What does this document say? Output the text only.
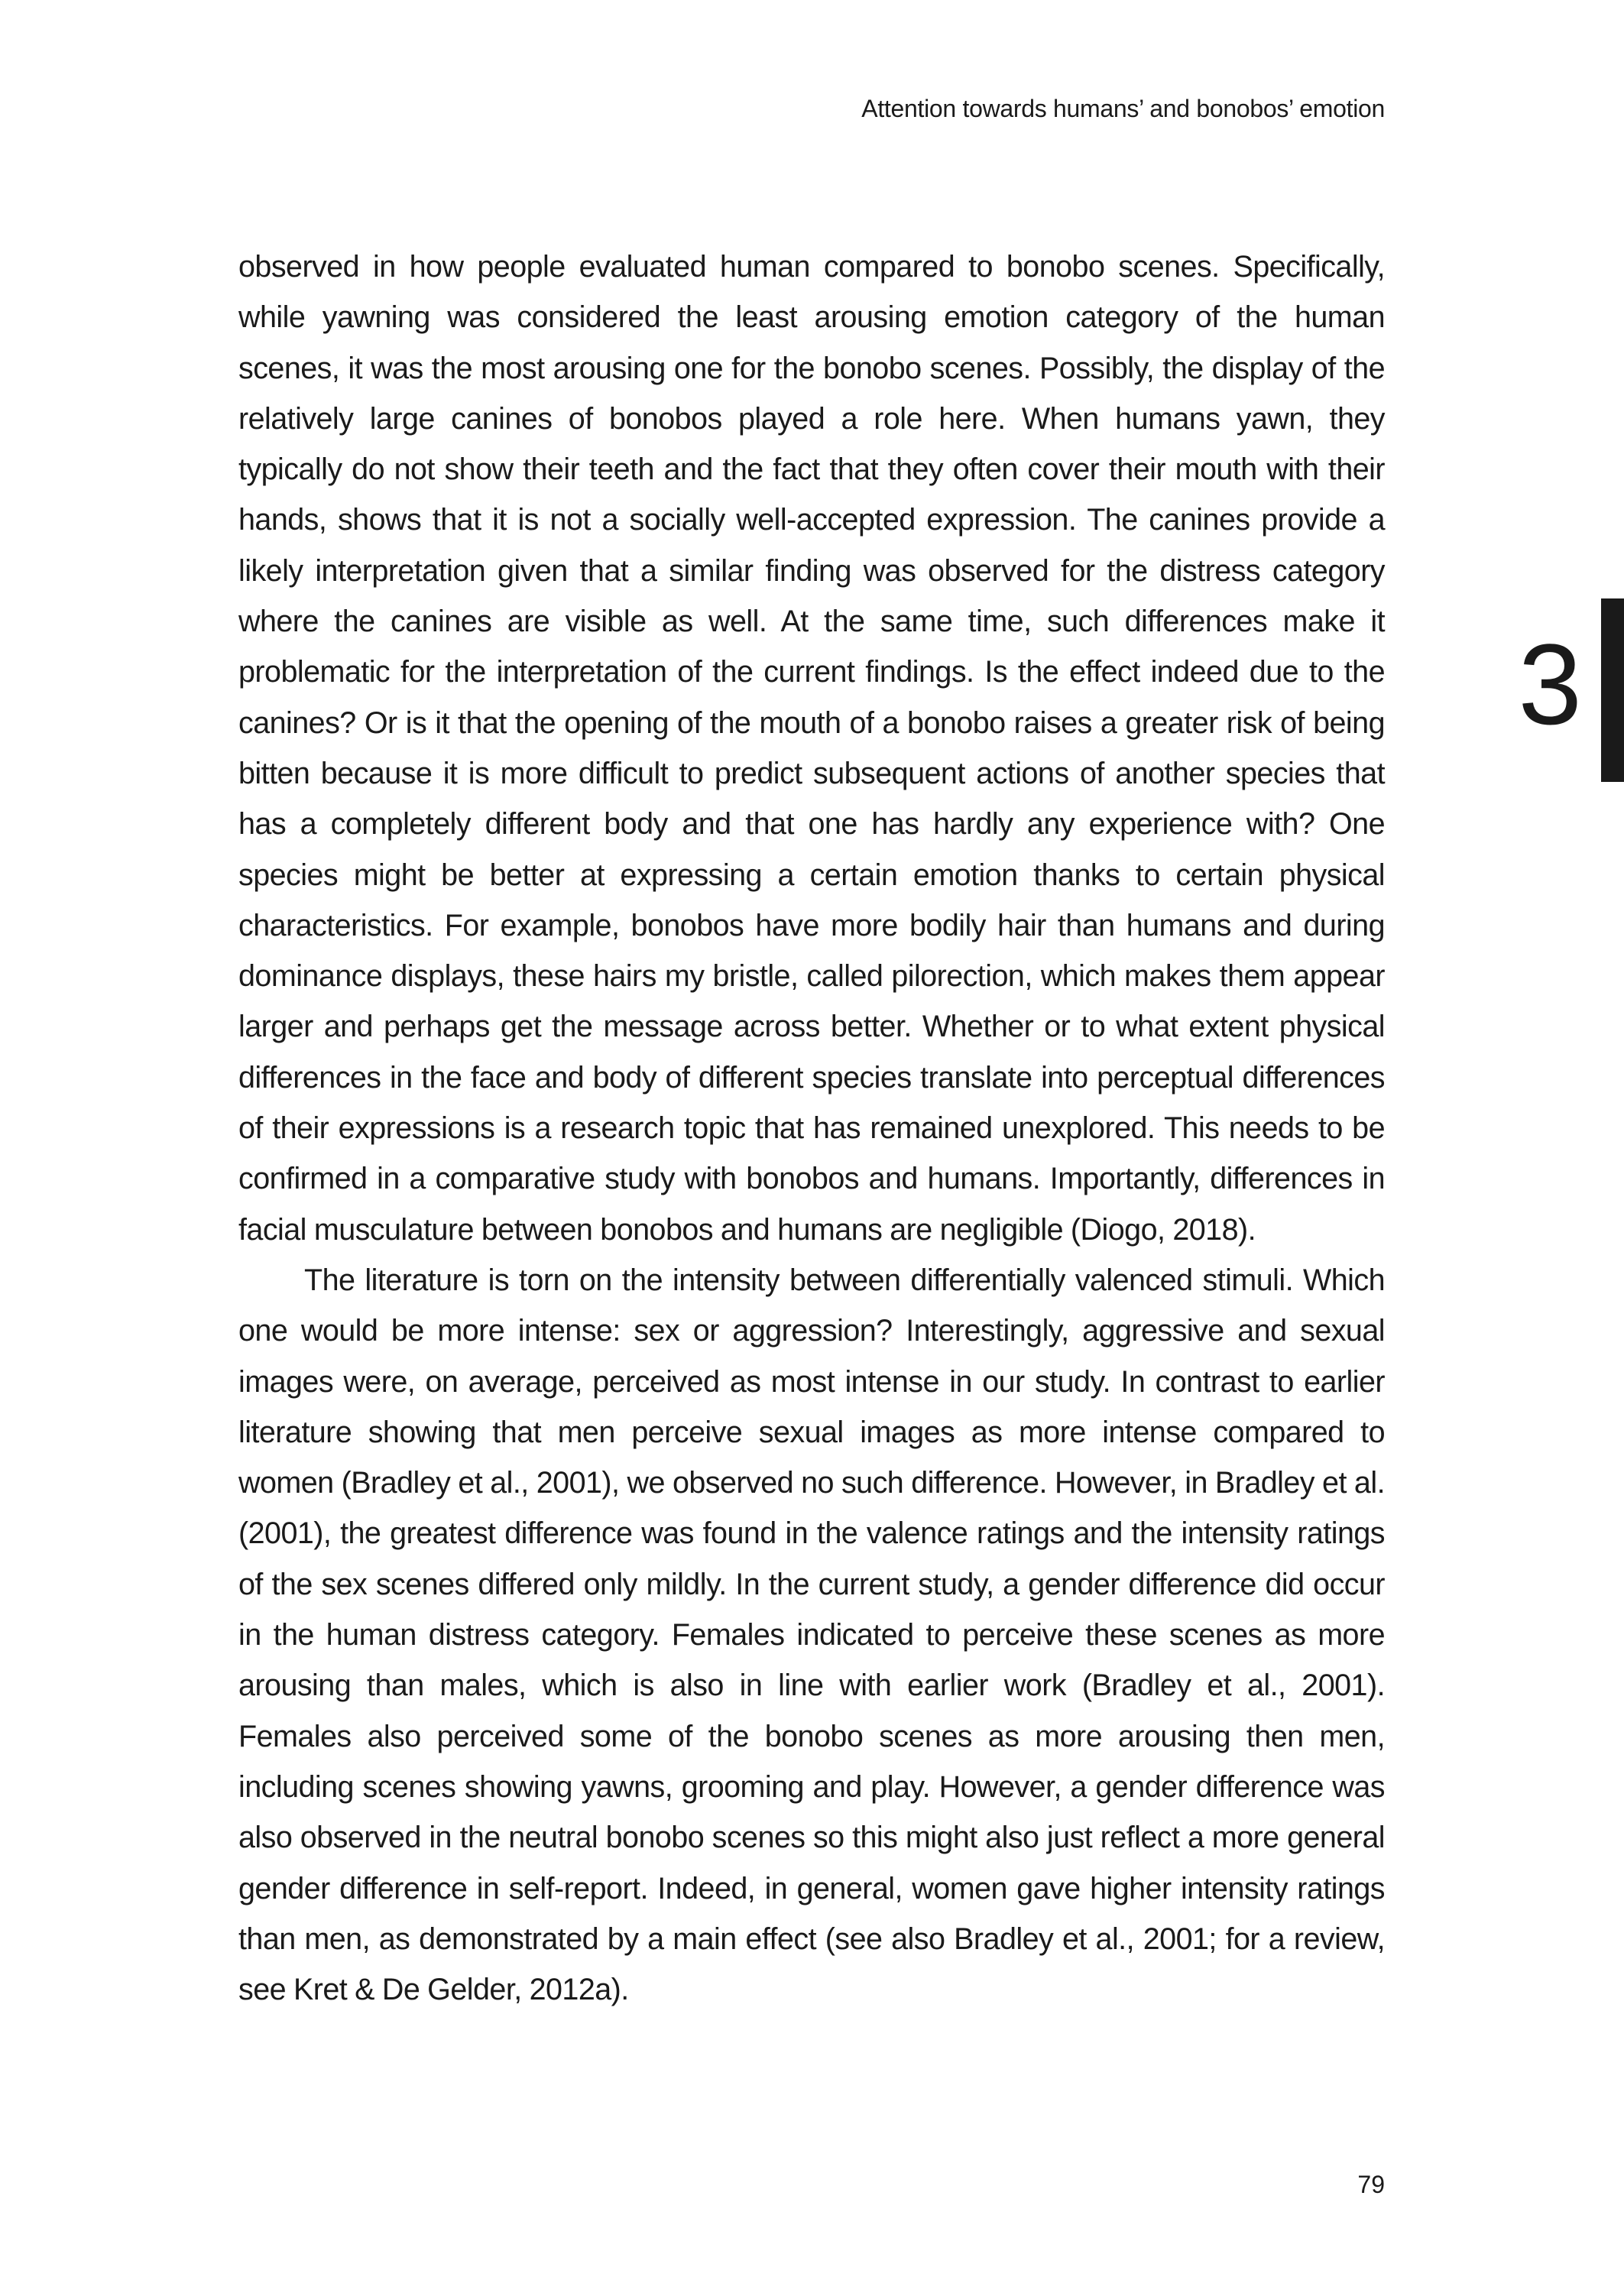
Attention towards humans’ and bonobos’ emotion
3

observed in how people evaluated human compared to bonobo scenes. Specifically, while yawning was considered the least arousing emotion category of the human scenes, it was the most arousing one for the bonobo scenes. Possibly, the display of the relatively large canines of bonobos played a role here. When humans yawn, they typically do not show their teeth and the fact that they often cover their mouth with their hands, shows that it is not a socially well-accepted expression. The canines provide a likely interpretation given that a similar finding was observed for the distress category where the canines are visible as well. At the same time, such differences make it problematic for the interpretation of the current findings. Is the effect indeed due to the canines? Or is it that the opening of the mouth of a bonobo raises a greater risk of being bitten because it is more difficult to predict subsequent actions of another species that has a completely different body and that one has hardly any experience with? One species might be better at expressing a certain emotion thanks to certain physical characteristics. For example, bonobos have more bodily hair than humans and during dominance displays, these hairs my bristle, called pilorection, which makes them appear larger and perhaps get the message across better. Whether or to what extent physical differences in the face and body of different species translate into perceptual differences of their expressions is a research topic that has remained unexplored. This needs to be confirmed in a comparative study with bonobos and humans. Importantly, differences in facial musculature between bonobos and humans are negligible (Diogo, 2018).

The literature is torn on the intensity between differentially valenced stimuli. Which one would be more intense: sex or aggression? Interestingly, aggressive and sexual images were, on average, perceived as most intense in our study. In contrast to earlier literature showing that men perceive sexual images as more intense compared to women (Bradley et al., 2001), we observed no such difference. However, in Bradley et al. (2001), the greatest difference was found in the valence ratings and the intensity ratings of the sex scenes differed only mildly. In the current study, a gender difference did occur in the human distress category. Females indicated to perceive these scenes as more arousing than males, which is also in line with earlier work (Bradley et al., 2001). Females also perceived some of the bonobo scenes as more arousing then men, including scenes showing yawns, grooming and play. However, a gender difference was also observed in the neutral bonobo scenes so this might also just reflect a more general gender difference in self-report. Indeed, in general, women gave higher intensity ratings than men, as demonstrated by a main effect (see also Bradley et al., 2001; for a review, see Kret & De Gelder, 2012a).

79
